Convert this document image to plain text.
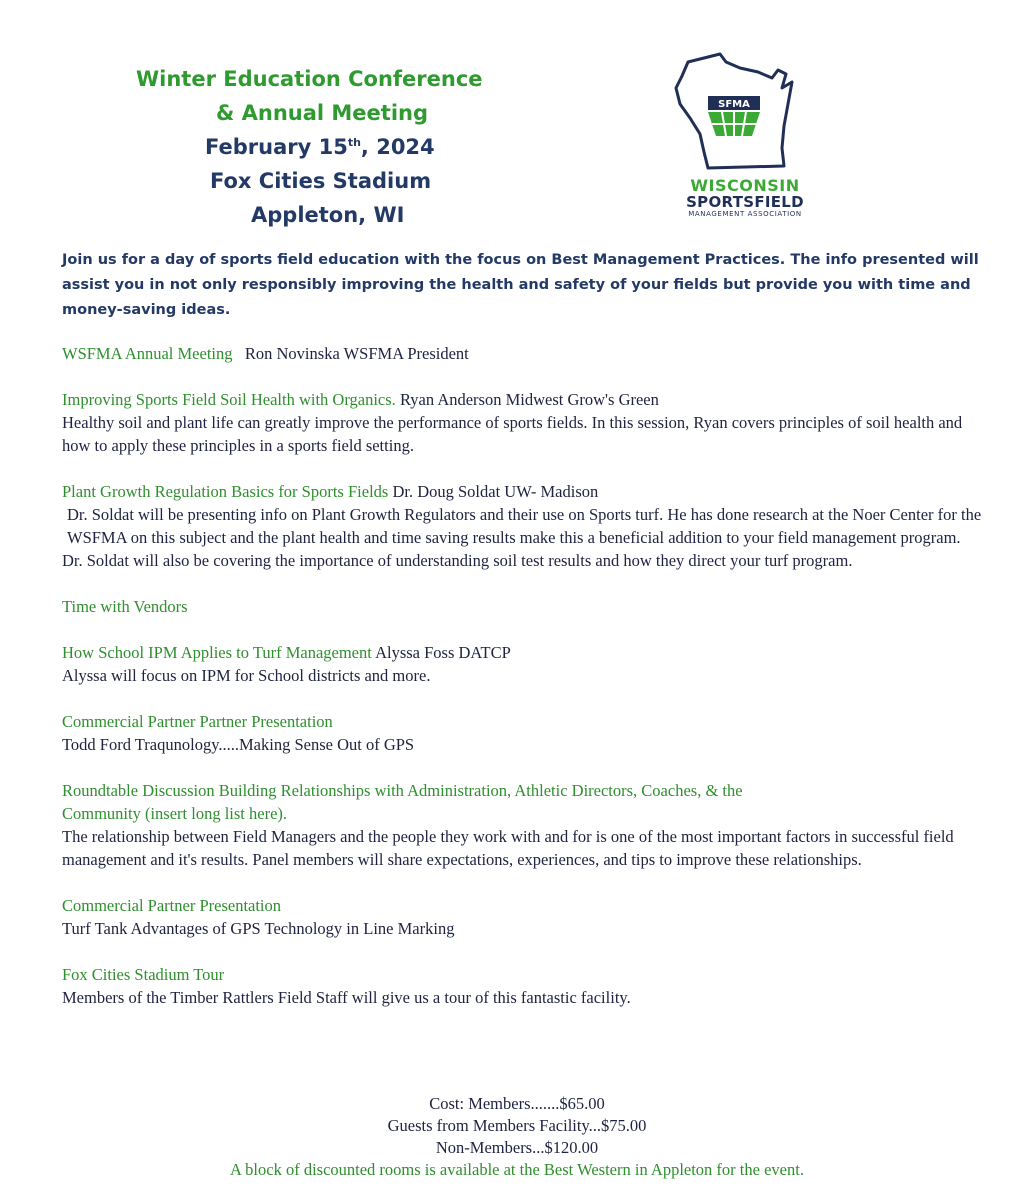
Winter Education Conference
& Annual Meeting
February 15th, 2024
Fox Cities Stadium
Appleton, WI
SFMA
WISCONSIN
SPORTSFIELD
MANAGEMENT ASSOCIATION

Join us for a day of sports field education with the focus on Best Management Practices. The info presented will assist you in not only responsibly improving the health and safety of your fields but provide you with time and money-saving ideas.

WSFMA Annual Meeting Ron Novinska WSFMA President

Improving Sports Field Soil Health with Organics. Ryan Anderson Midwest Grow's Green

Healthy soil and plant life can greatly improve the performance of sports fields. In this session, Ryan covers principles of soil health and how to apply these principles in a sports field setting.

Plant Growth Regulation Basics for Sports Fields Dr. Doug Soldat UW- Madison

Dr. Soldat will be presenting info on Plant Growth Regulators and their use on Sports turf. He has done research at the Noer Center for the WSFMA on this subject and the plant health and time saving results make this a beneficial addition to your field management program.

Dr. Soldat will also be covering the importance of understanding soil test results and how they direct your turf program.

Time with Vendors

How School IPM Applies to Turf Management Alyssa Foss DATCP

Alyssa will focus on IPM for School districts and more.

Commercial Partner Partner Presentation

Todd Ford Traqunology.....Making Sense Out of GPS

Roundtable Discussion Building Relationships with Administration, Athletic Directors, Coaches, & the

Community (insert long list here).

The relationship between Field Managers and the people they work with and for is one of the most important factors in successful field management and it's results. Panel members will share expectations, experiences, and tips to improve these relationships.

Commercial Partner Presentation

Turf Tank Advantages of GPS Technology in Line Marking

Fox Cities Stadium Tour

Members of the Timber Rattlers Field Staff will give us a tour of this fantastic facility.

Cost: Members.......$65.00

Guests from Members Facility...$75.00

Non-Members...$120.00

A block of discounted rooms is available at the Best Western in Appleton for the event.
